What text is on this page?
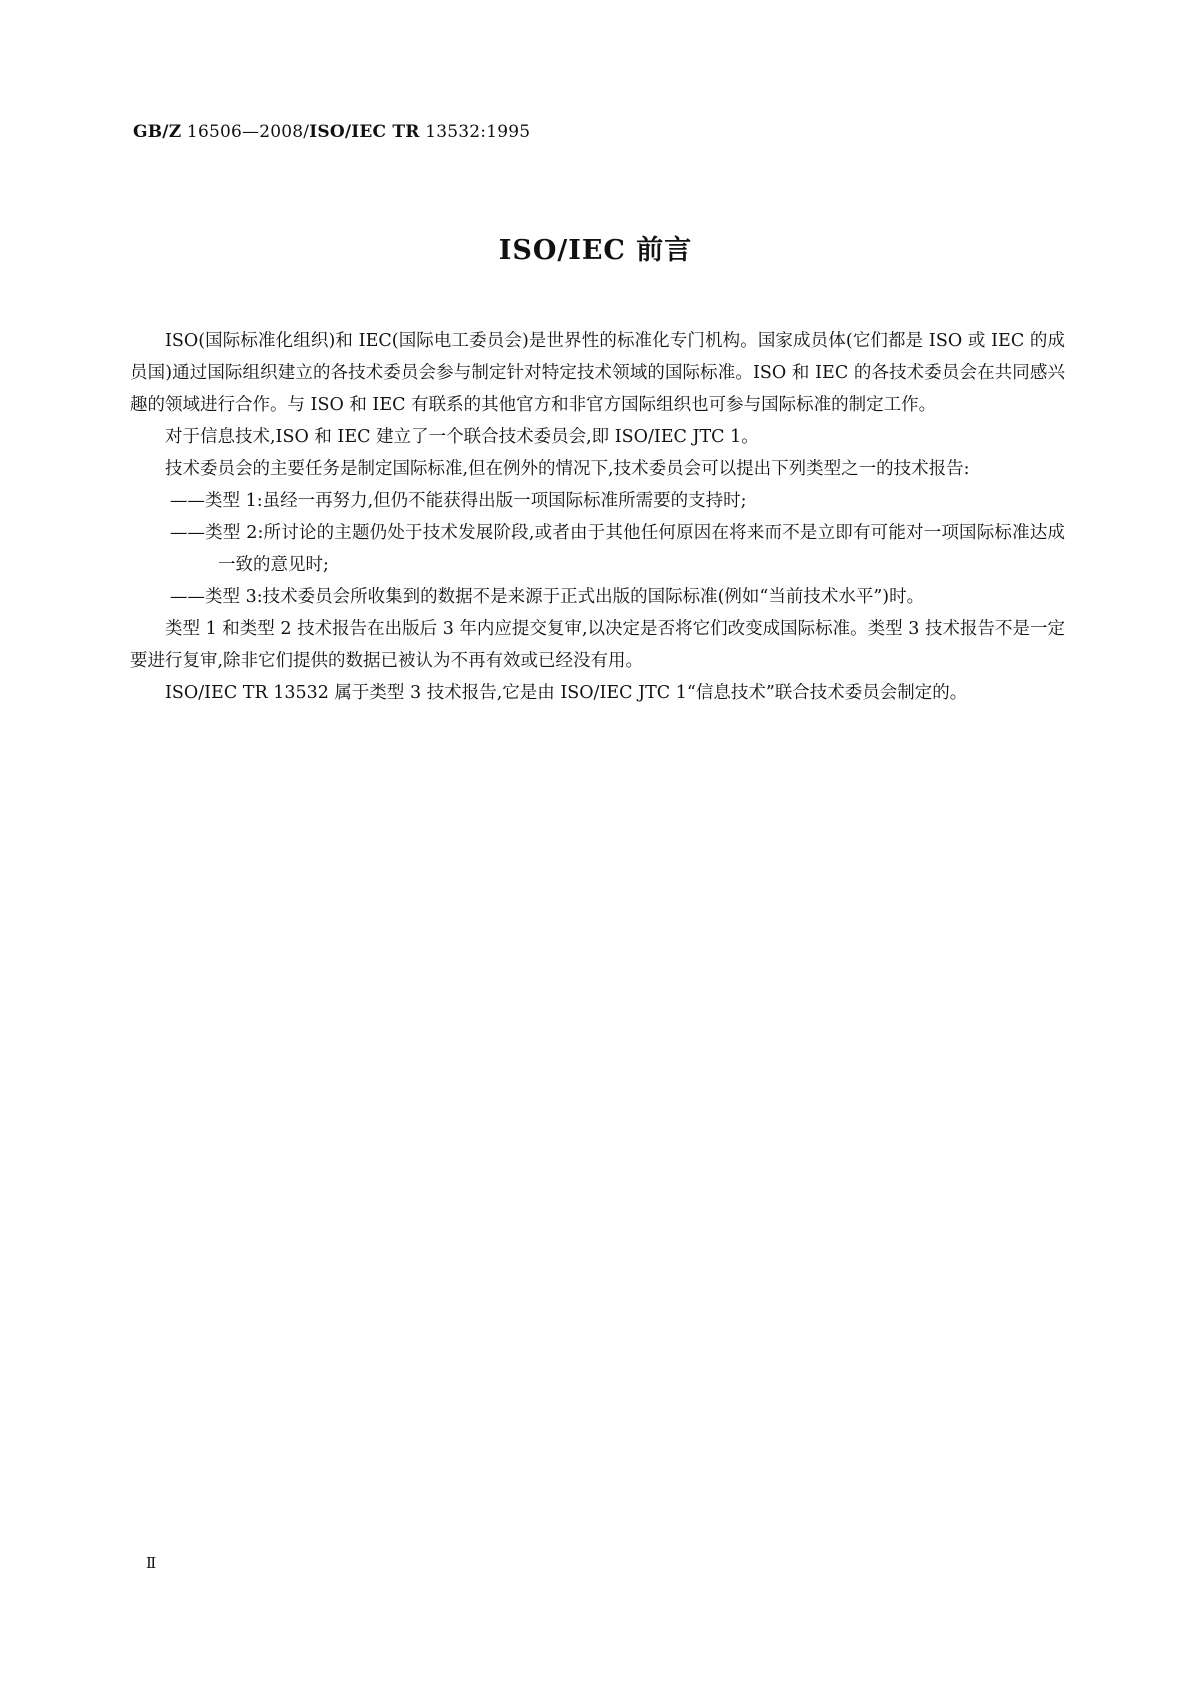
GB/Z 16506—2008/ISO/IEC TR 13532:1995
ISO/IEC 前言

ISO(国际标准化组织)和 IEC(国际电工委员会)是世界性的标准化专门机构。国家成员体(它们都是 ISO 或 IEC 的成员国)通过国际组织建立的各技术委员会参与制定针对特定技术领域的国际标准。ISO 和 IEC 的各技术委员会在共同感兴趣的领域进行合作。与 ISO 和 IEC 有联系的其他官方和非官方国际组织也可参与国际标准的制定工作。

对于信息技术,ISO 和 IEC 建立了一个联合技术委员会,即 ISO/IEC JTC 1。

技术委员会的主要任务是制定国际标准,但在例外的情况下,技术委员会可以提出下列类型之一的技术报告:

——类型 1:虽经一再努力,但仍不能获得出版一项国际标准所需要的支持时;

——类型 2:所讨论的主题仍处于技术发展阶段,或者由于其他任何原因在将来而不是立即有可能对一项国际标准达成一致的意见时;

——类型 3:技术委员会所收集到的数据不是来源于正式出版的国际标准(例如“当前技术水平”)时。

类型 1 和类型 2 技术报告在出版后 3 年内应提交复审,以决定是否将它们改变成国际标准。类型 3 技术报告不是一定要进行复审,除非它们提供的数据已被认为不再有效或已经没有用。

ISO/IEC TR 13532 属于类型 3 技术报告,它是由 ISO/IEC JTC 1“信息技术”联合技术委员会制定的。

Ⅱ
